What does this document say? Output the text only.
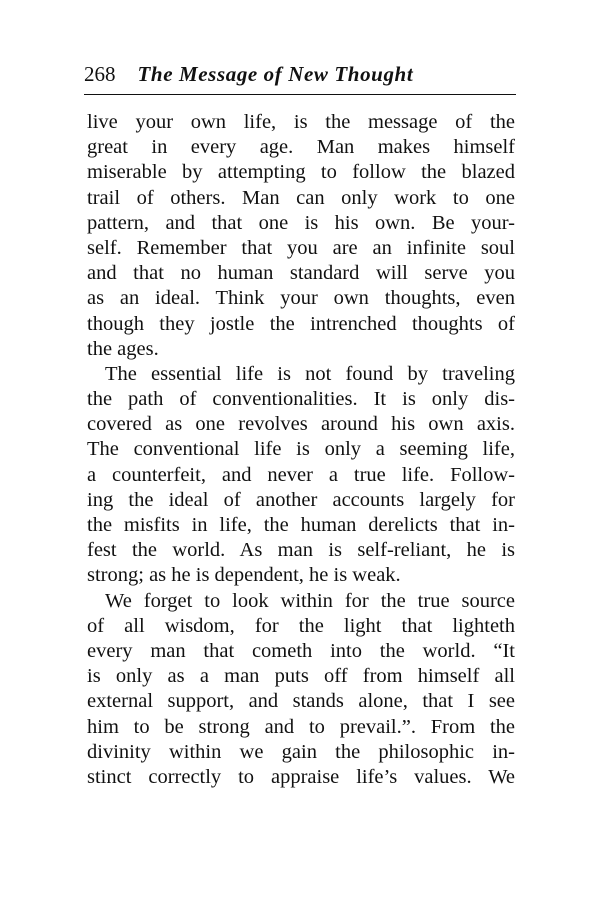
268 The Message of New Thought
live your own life, is the message of the
great in every age. Man makes himself
miserable by attempting to follow the blazed
trail of others. Man can only work to one
pattern, and that one is his own. Be your-
self. Remember that you are an infinite soul
and that no human standard will serve you
as an ideal. Think your own thoughts, even
though they jostle the intrenched thoughts of
the ages.
The essential life is not found by traveling
the path of conventionalities. It is only dis-
covered as one revolves around his own axis.
The conventional life is only a seeming life,
a counterfeit, and never a true life. Follow-
ing the ideal of another accounts largely for
the misfits in life, the human derelicts that in-
fest the world. As man is self-reliant, he is
strong; as he is dependent, he is weak.
We forget to look within for the true source
of all wisdom, for the light that lighteth
every man that cometh into the world. “It
is only as a man puts off from himself all
external support, and stands alone, that I see
him to be strong and to prevail.”. From the
divinity within we gain the philosophic in-
stinct correctly to appraise life’s values. We
